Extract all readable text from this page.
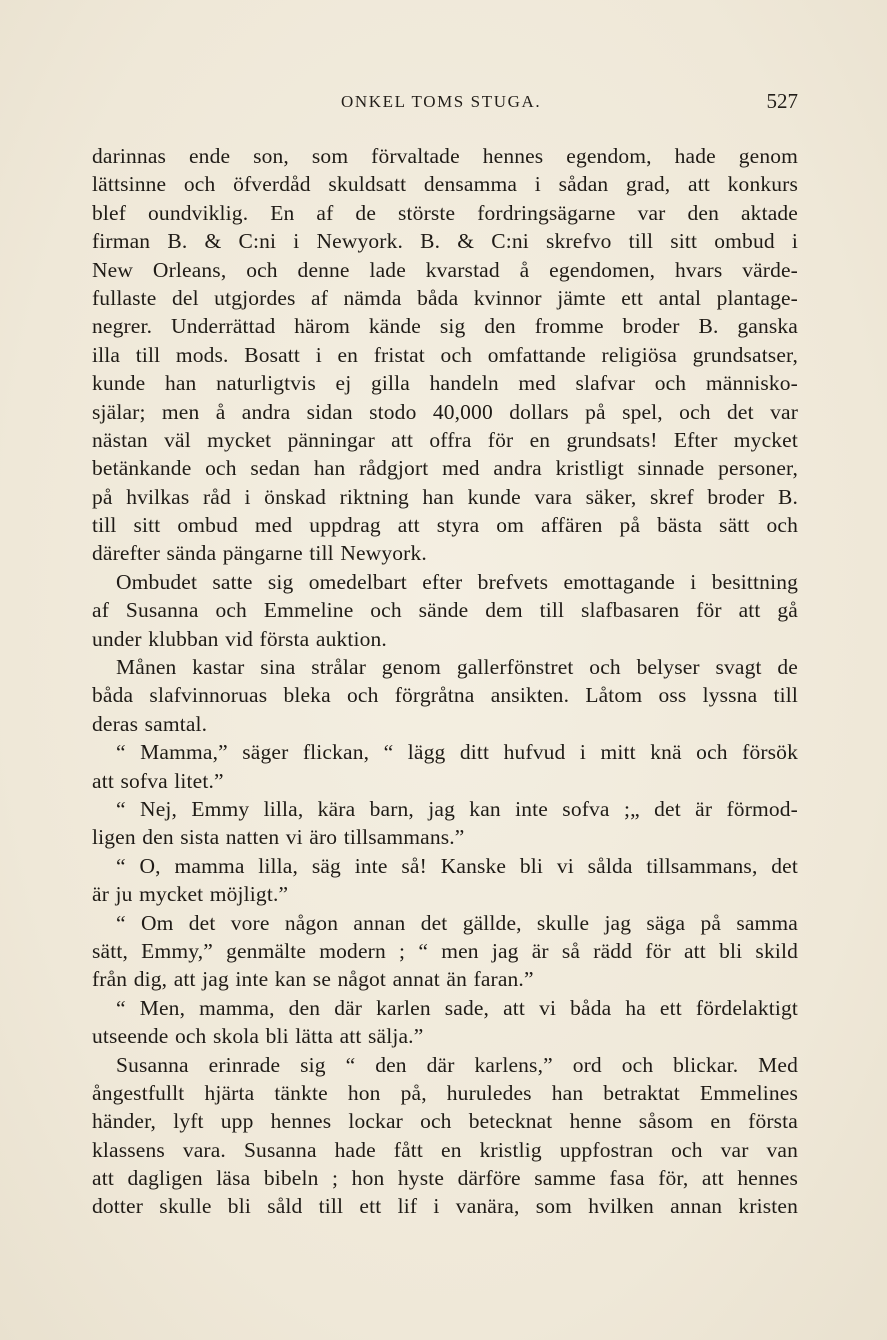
ONKEL TOMS STUGA.	527
darinnas ende son, som förvaltade hennes egendom, hade genom
lättsinne och öfverdåd skuldsatt densamma i sådan grad, att konkurs
blef oundviklig. En af de störste fordringsägarne var den aktade
firman B. & C:ni i Newyork. B. & C:ni skrefvo till sitt ombud i
New Orleans, och denne lade kvarstad å egendomen, hvars värde-
fullaste del utgjordes af nämda båda kvinnor jämte ett antal plantage-
negrer. Underrättad härom kände sig den fromme broder B. ganska
illa till mods. Bosatt i en fristat och omfattande religiösa grundsatser,
kunde han naturligtvis ej gilla handeln med slafvar och människo-
själar; men å andra sidan stodo 40,000 dollars på spel, och det var
nästan väl mycket pänningar att offra för en grundsats! Efter mycket
betänkande och sedan han rådgjort med andra kristligt sinnade personer,
på hvilkas råd i önskad riktning han kunde vara säker, skref broder B.
till sitt ombud med uppdrag att styra om affären på bästa sätt och
därefter sända pängarne till Newyork.
Ombudet satte sig omedelbart efter brefvets emottagande i besittning
af Susanna och Emmeline och sände dem till slafbasaren för att gå
under klubban vid första auktion.
Månen kastar sina strålar genom gallerfönstret och belyser svagt de
båda slafvinnoruas bleka och förgråtna ansikten. Låtom oss lyssna till
deras samtal.
“ Mamma,” säger flickan, “ lägg ditt hufvud i mitt knä och försök
att sofva litet.”
“ Nej, Emmy lilla, kära barn, jag kan inte sofva ;„ det är förmod-
ligen den sista natten vi äro tillsammans.”
“ O, mamma lilla, säg inte så! Kanske bli vi sålda tillsammans, det
är ju mycket möjligt.”
“ Om det vore någon annan det gällde, skulle jag säga på samma
sätt, Emmy,” genmälte modern ; “ men jag är så rädd för att bli skild
från dig, att jag inte kan se något annat än faran.”
“ Men, mamma, den där karlen sade, att vi båda ha ett fördelaktigt
utseende och skola bli lätta att sälja.”
Susanna erinrade sig “ den där karlens,” ord och blickar. Med
ångestfullt hjärta tänkte hon på, huruledes han betraktat Emmelines
händer, lyft upp hennes lockar och betecknat henne såsom en första
klassens vara. Susanna hade fått en kristlig uppfostran och var van
att dagligen läsa bibeln ; hon hyste därföre samme fasa för, att hennes
dotter skulle bli såld till ett lif i vanära, som hvilken annan kristen
